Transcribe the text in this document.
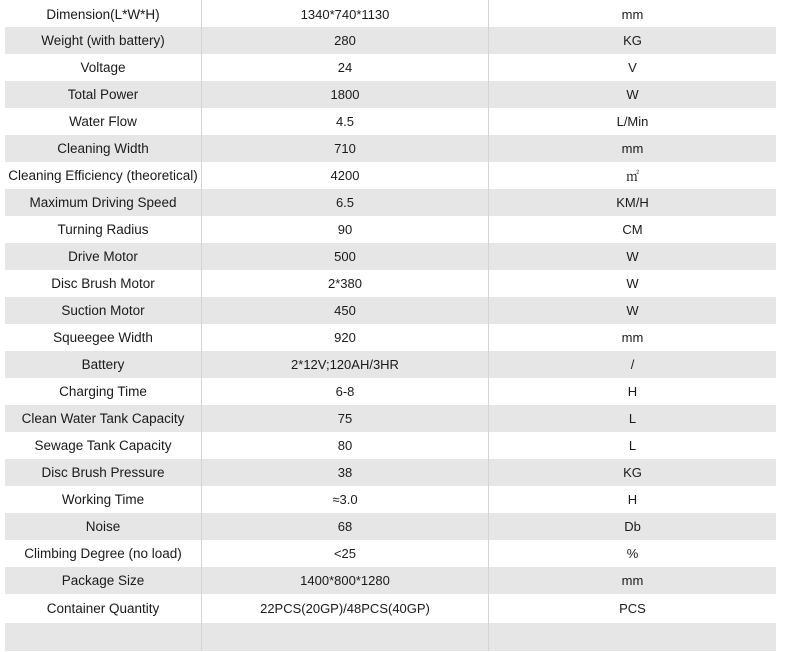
Dimension(L*W*H)	1340*740*1130	mm
Weight (with battery)	280	KG
Voltage	24	V
Total Power	1800	W
Water Flow	4.5	L/Min
Cleaning Width	710	mm
Cleaning Efficiency (theoretical)	4200	㎡
Maximum Driving Speed	6.5	KM/H
Turning Radius	90	CM
Drive Motor	500	W
Disc Brush Motor	2*380	W
Suction Motor	450	W
Squeegee Width	920	mm
Battery	2*12V;120AH/3HR	/
Charging Time	6-8	H
Clean Water Tank Capacity	75	L
Sewage Tank Capacity	80	L
Disc Brush Pressure	38	KG
Working Time	≈3.0	H
Noise	68	Db
Climbing Degree (no load)	<25	%
Package Size	1400*800*1280	mm
Container Quantity	22PCS(20GP)/48PCS(40GP)	PCS
